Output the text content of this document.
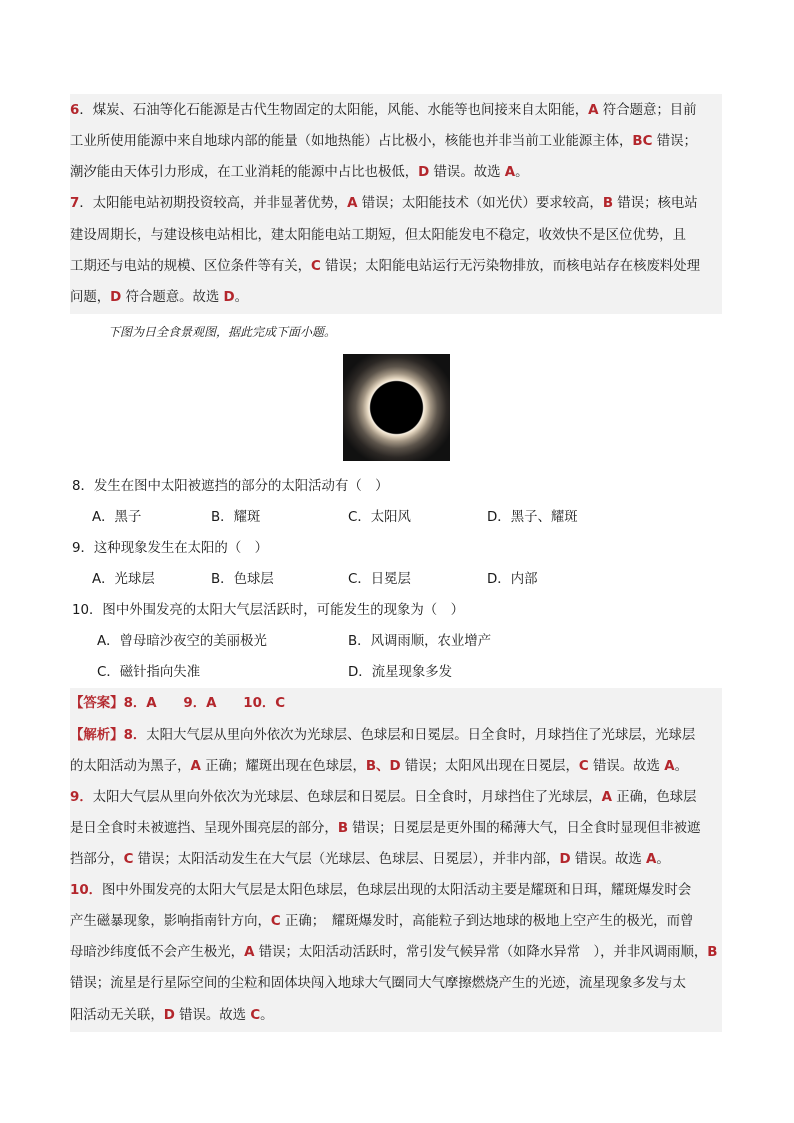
6．煤炭、石油等化石能源是古代生物固定的太阳能，风能、水能等也间接来自太阳能，A 符合题意；目前
工业所使用能源中来自地球内部的能量（如地热能）占比极小，核能也并非当前工业能源主体，BC 错误；
潮汐能由天体引力形成，在工业消耗的能源中占比也极低，D 错误。故选 A。
7．太阳能电站初期投资较高，并非显著优势，A 错误；太阳能技术（如光伏）要求较高，B 错误；核电站
建设周期长，与建设核电站相比，建太阳能电站工期短，但太阳能发电不稳定，收效快不是区位优势，且
工期还与电站的规模、区位条件等有关，C 错误；太阳能电站运行无污染物排放，而核电站存在核废料处理
问题，D 符合题意。故选 D。
下图为日全食景观图，据此完成下面小题。
8．发生在图中太阳被遮挡的部分的太阳活动有（　）
A．黑子	B．耀斑	C．太阳风	D．黑子、耀斑
9．这种现象发生在太阳的（　）
A．光球层	B．色球层	C．日冕层	D．内部
10．图中外围发亮的太阳大气层活跃时，可能发生的现象为（　）
A．曾母暗沙夜空的美丽极光	B．风调雨顺，农业增产
C．磁针指向失准	D．流星现象多发
【答案】8．A　　9．A　　10．C
【解析】8．太阳大气层从里向外依次为光球层、色球层和日冕层。日全食时，月球挡住了光球层，光球层
的太阳活动为黑子，A 正确；耀斑出现在色球层，B、D 错误；太阳风出现在日冕层，C 错误。故选 A。
9．太阳大气层从里向外依次为光球层、色球层和日冕层。日全食时，月球挡住了光球层，A 正确，色球层
是日全食时未被遮挡、呈现外围亮层的部分，B 错误；日冕层是更外围的稀薄大气，日全食时显现但非被遮
挡部分，C 错误；太阳活动发生在大气层（光球层、色球层、日冕层），并非内部，D 错误。故选 A。
10．图中外围发亮的太阳大气层是太阳色球层，色球层出现的太阳活动主要是耀斑和日珥，耀斑爆发时会
产生磁暴现象，影响指南针方向，C 正确；　耀斑爆发时，高能粒子到达地球的极地上空产生的极光，而曾
母暗沙纬度低不会产生极光，A 错误；太阳活动活跃时，常引发气候异常（如降水异常　），并非风调雨顺，B
错误；流星是行星际空间的尘粒和固体块闯入地球大气圈同大气摩擦燃烧产生的光迹，流星现象多发与太
阳活动无关联，D 错误。故选 C。
